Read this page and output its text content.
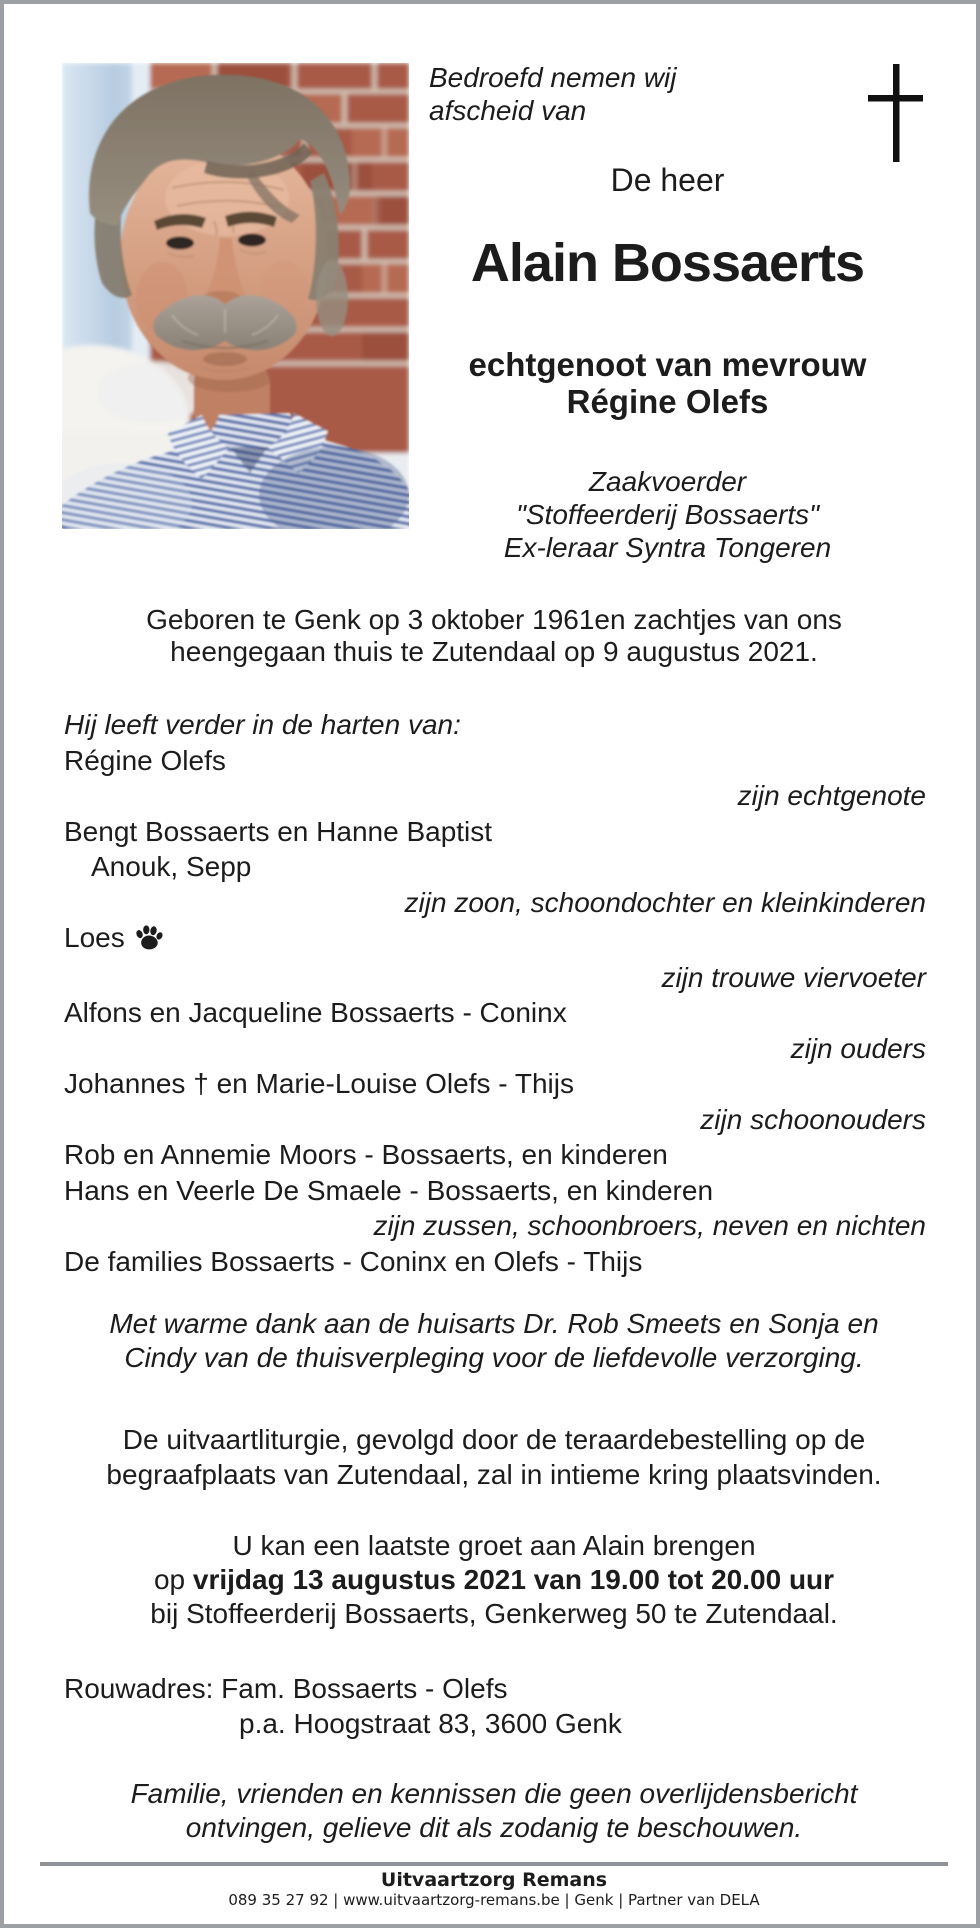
Bedroefd nemen wij
afscheid van
De heer
Alain Bossaerts
echtgenoot van mevrouw
Régine Olefs
Zaakvoerder
"Stoffeerderij Bossaerts"
Ex-leraar Syntra Tongeren
Geboren te Genk op 3 oktober 1961en zachtjes van ons
heengegaan thuis te Zutendaal op 9 augustus 2021.
Hij leeft verder in de harten van:
Régine Olefs
zijn echtgenote
Bengt Bossaerts en Hanne Baptist
Anouk, Sepp
zijn zoon, schoondochter en kleinkinderen
Loes
zijn trouwe viervoeter
Alfons en Jacqueline Bossaerts - Coninx
zijn ouders
Johannes † en Marie-Louise Olefs - Thijs
zijn schoonouders
Rob en Annemie Moors - Bossaerts, en kinderen
Hans en Veerle De Smaele - Bossaerts, en kinderen
zijn zussen, schoonbroers, neven en nichten
De families Bossaerts - Coninx en Olefs - Thijs
Met warme dank aan de huisarts Dr. Rob Smeets en Sonja en
Cindy van de thuisverpleging voor de liefdevolle verzorging.
De uitvaartliturgie, gevolgd door de teraardebestelling op de
begraafplaats van Zutendaal, zal in intieme kring plaatsvinden.
U kan een laatste groet aan Alain brengen
op vrijdag 13 augustus 2021 van 19.00 tot 20.00 uur
bij Stoffeerderij Bossaerts, Genkerweg 50 te Zutendaal.
Rouwadres: Fam. Bossaerts - Olefs
p.a. Hoogstraat 83, 3600 Genk
Familie, vrienden en kennissen die geen overlijdensbericht
ontvingen, gelieve dit als zodanig te beschouwen.
Uitvaartzorg Remans
089 35 27 92 | www.uitvaartzorg-remans.be | Genk | Partner van DELA
